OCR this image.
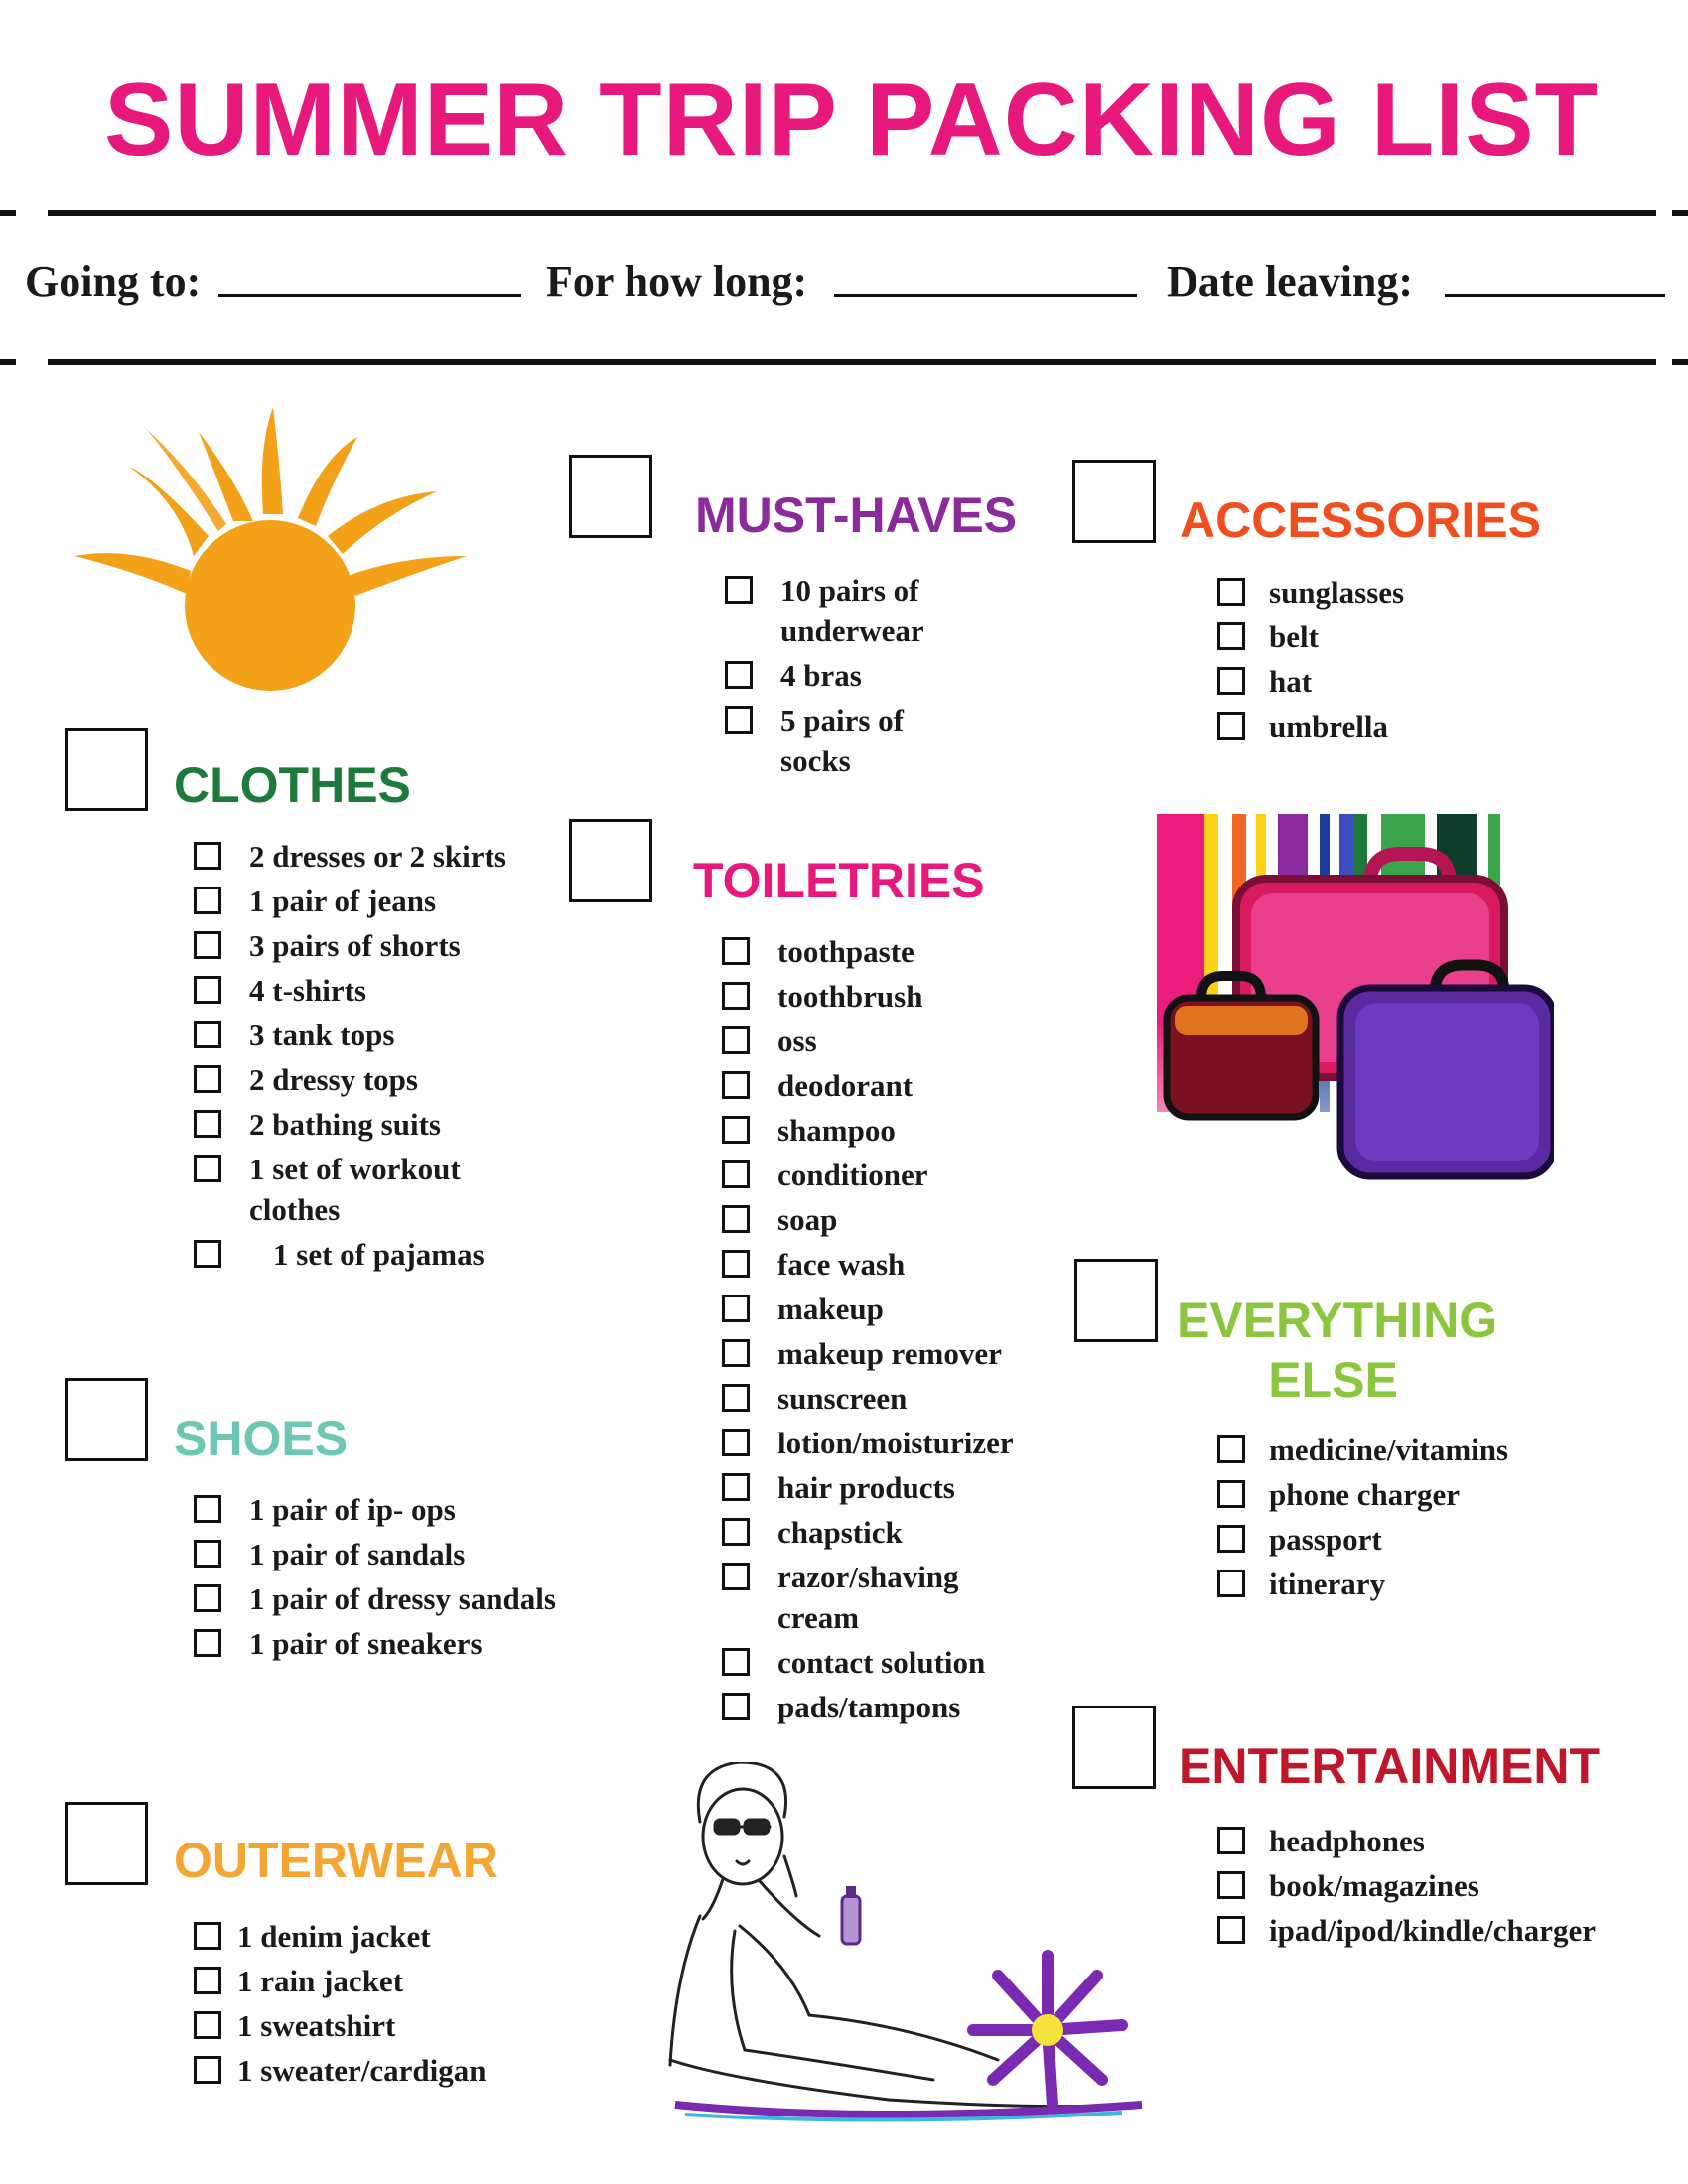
SUMMER TRIP PACKING LIST
Going to:	For how long:	Date leaving:
CLOTHES
2 dresses or 2 skirts
1 pair of jeans
3 pairs of shorts
4 t-shirts
3 tank tops
2 dressy tops
2 bathing suits
1 set of workout clothes
1 set of pajamas
SHOES
1 pair of ip- ops
1 pair of sandals
1 pair of dressy sandals
1 pair of sneakers
OUTERWEAR
1 denim jacket
1 rain jacket
1 sweatshirt
1 sweater/cardigan
MUST-HAVES
10 pairs of underwear
4 bras
5 pairs of socks
TOILETRIES
toothpaste
toothbrush
oss
deodorant
shampoo
conditioner
soap
face wash
makeup
makeup remover
sunscreen
lotion/moisturizer
hair products
chapstick
razor/shaving cream
contact solution
pads/tampons
ACCESSORIES
sunglasses
belt
hat
umbrella
EVERYTHING ELSE
medicine/vitamins
phone charger
passport
itinerary
ENTERTAINMENT
headphones
book/magazines
ipad/ipod/kindle/charger
